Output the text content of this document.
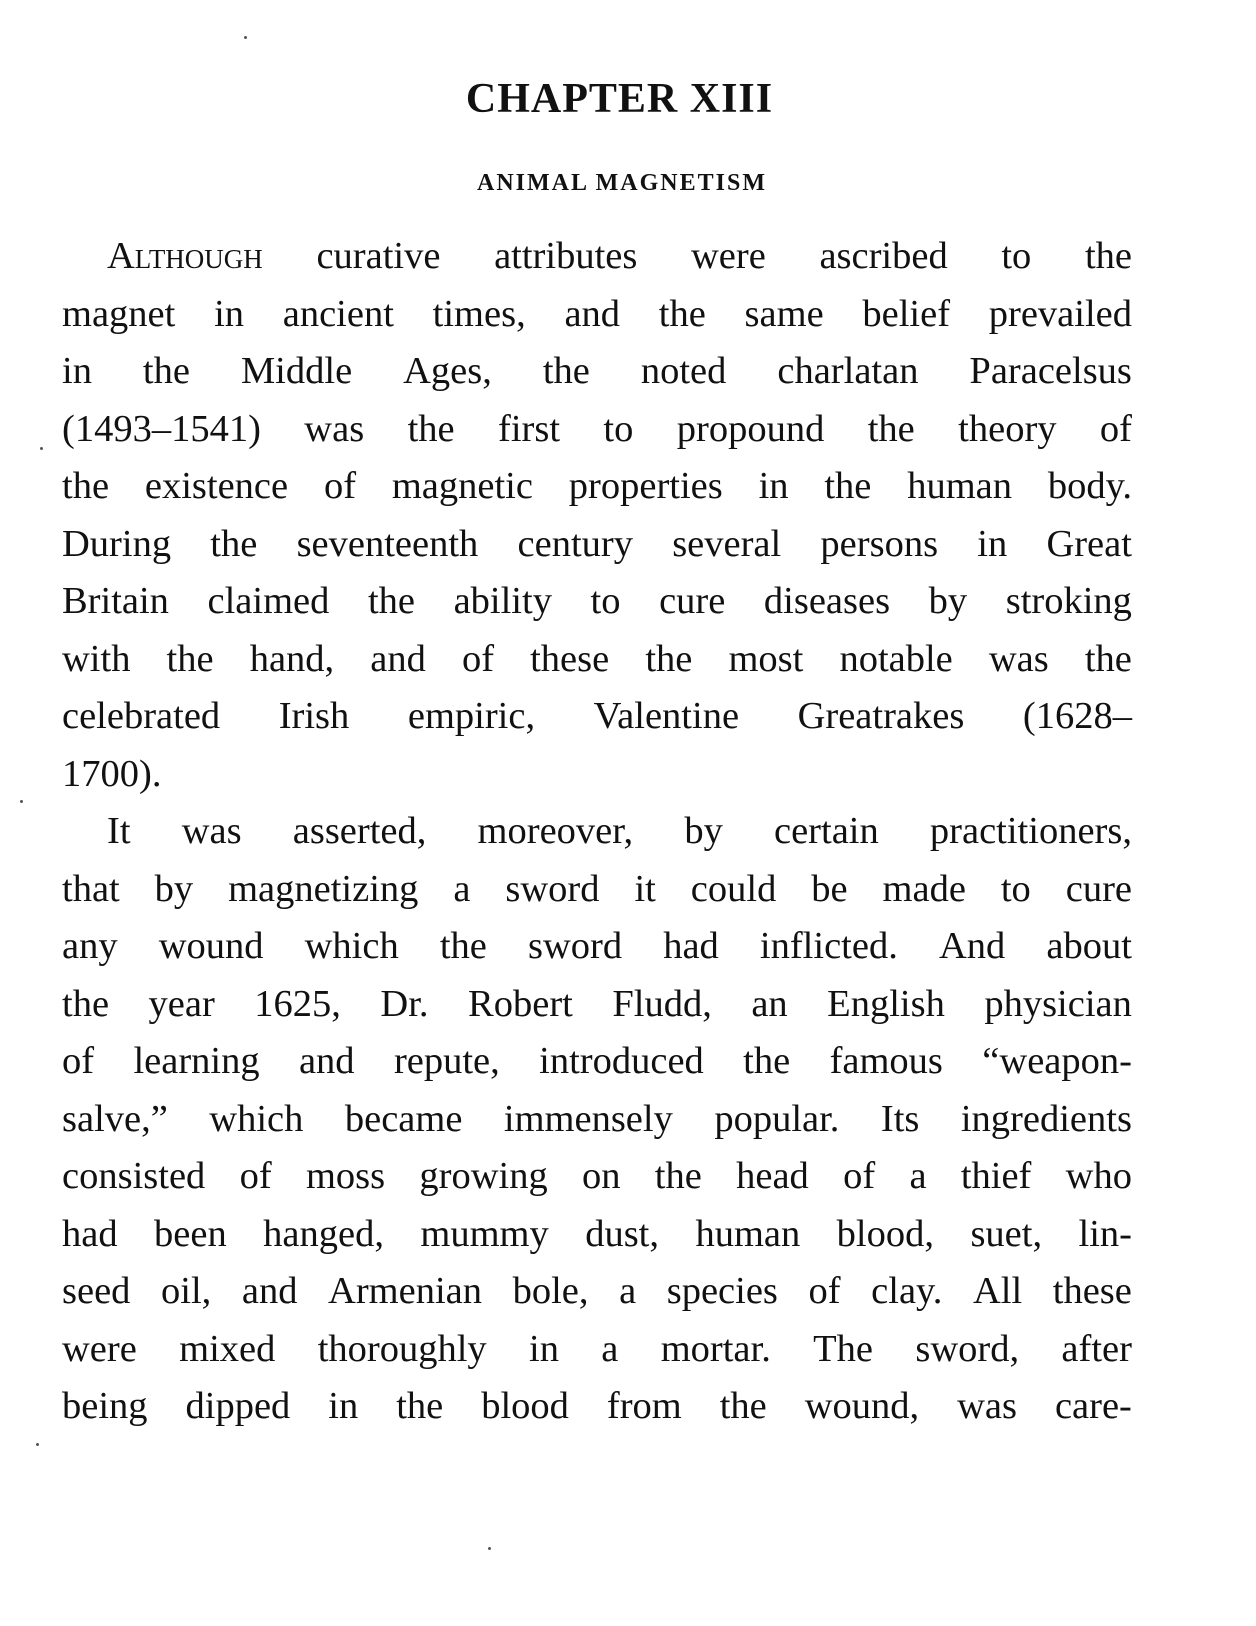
CHAPTER XIII
ANIMAL MAGNETISM
Although curative attributes were ascribed to the
magnet in ancient times, and the same belief prevailed
in the Middle Ages, the noted charlatan Paracelsus
(1493–1541) was the first to propound the theory of
the existence of magnetic properties in the human body.
During the seventeenth century several persons in Great
Britain claimed the ability to cure diseases by stroking
with the hand, and of these the most notable was the
celebrated Irish empiric, Valentine Greatrakes (1628–
1700).
It was asserted, moreover, by certain practitioners,
that by magnetizing a sword it could be made to cure
any wound which the sword had inflicted. And about
the year 1625, Dr. Robert Fludd, an English physician
of learning and repute, introduced the famous “weapon-
salve,” which became immensely popular. Its ingredients
consisted of moss growing on the head of a thief who
had been hanged, mummy dust, human blood, suet, lin-
seed oil, and Armenian bole, a species of clay. All these
were mixed thoroughly in a mortar. The sword, after
being dipped in the blood from the wound, was care-
